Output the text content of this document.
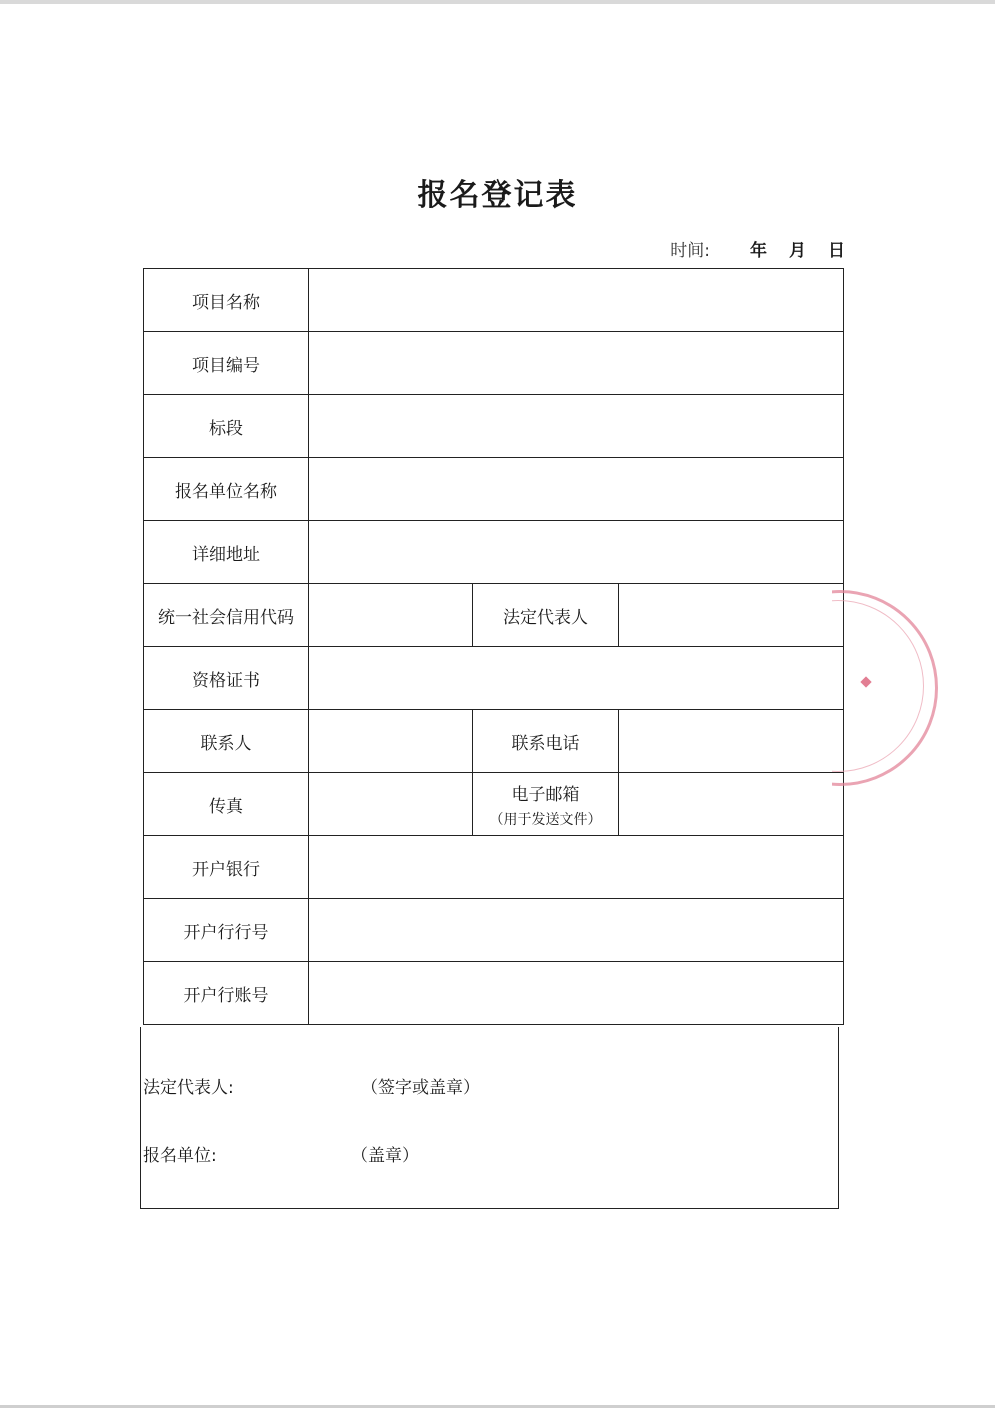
报名登记表
时间: 年 月 日
项目名称			
项目编号			
标段			
报名单位名称			
详细地址			
统一社会信用代码		法定代表人	
资格证书			
联系人		联系电话	
传真		电子邮箱
（用于发送文件）	

开户银行			
开户行行号			
开户行账号			
法定代表人:	（签字或盖章）
报名单位:	（盖章）
